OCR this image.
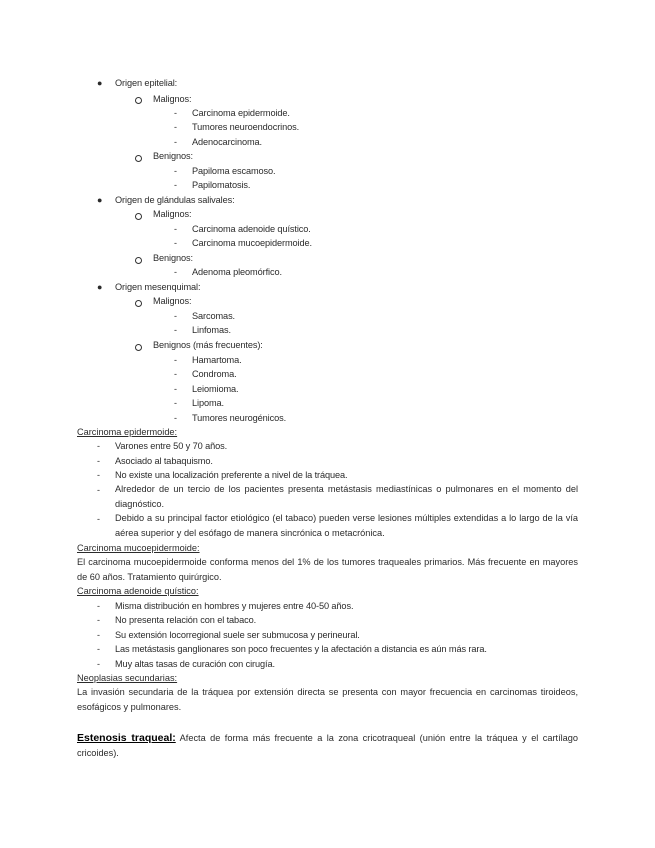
● Origen epitelial:
Malignos:
- Carcinoma epidermoide.
- Tumores neuroendocrinos.
- Adenocarcinoma.
Benignos:
- Papiloma escamoso.
- Papilomatosis.
● Origen de glándulas salivales:
Malignos:
- Carcinoma adenoide quístico.
- Carcinoma mucoepidermoide.
Benignos:
- Adenoma pleomórfico.
● Origen mesenquimal:
Malignos:
- Sarcomas.
- Linfomas.
Benignos (más frecuentes):
- Hamartoma.
- Condroma.
- Leiomioma.
- Lipoma.
- Tumores neurogénicos.
Carcinoma epidermoide:
- Varones entre 50 y 70 años.
- Asociado al tabaquismo.
- No existe una localización preferente a nivel de la tráquea.
- Alrededor de un tercio de los pacientes presenta metástasis mediastínicas o pulmonares en el momento del diagnóstico.
- Debido a su principal factor etiológico (el tabaco) pueden verse lesiones múltiples extendidas a lo largo de la vía aérea superior y del esófago de manera sincrónica o metacrónica.
Carcinoma mucoepidermoide:
El carcinoma mucoepidermoide conforma menos del 1% de los tumores traqueales primarios. Más frecuente en mayores de 60 años. Tratamiento quirúrgico.
Carcinoma adenoide quístico:
- Misma distribución en hombres y mujeres entre 40-50 años.
- No presenta relación con el tabaco.
- Su extensión locorregional suele ser submucosa y perineural.
- Las metástasis ganglionares son poco frecuentes y la afectación a distancia es aún más rara.
- Muy altas tasas de curación con cirugía.
Neoplasias secundarias:
La invasión secundaria de la tráquea por extensión directa se presenta con mayor frecuencia en carcinomas tiroideos, esofágicos y pulmonares.
Estenosis traqueal: Afecta de forma más frecuente a la zona cricotraqueal (unión entre la tráquea y el cartílago cricoides).
